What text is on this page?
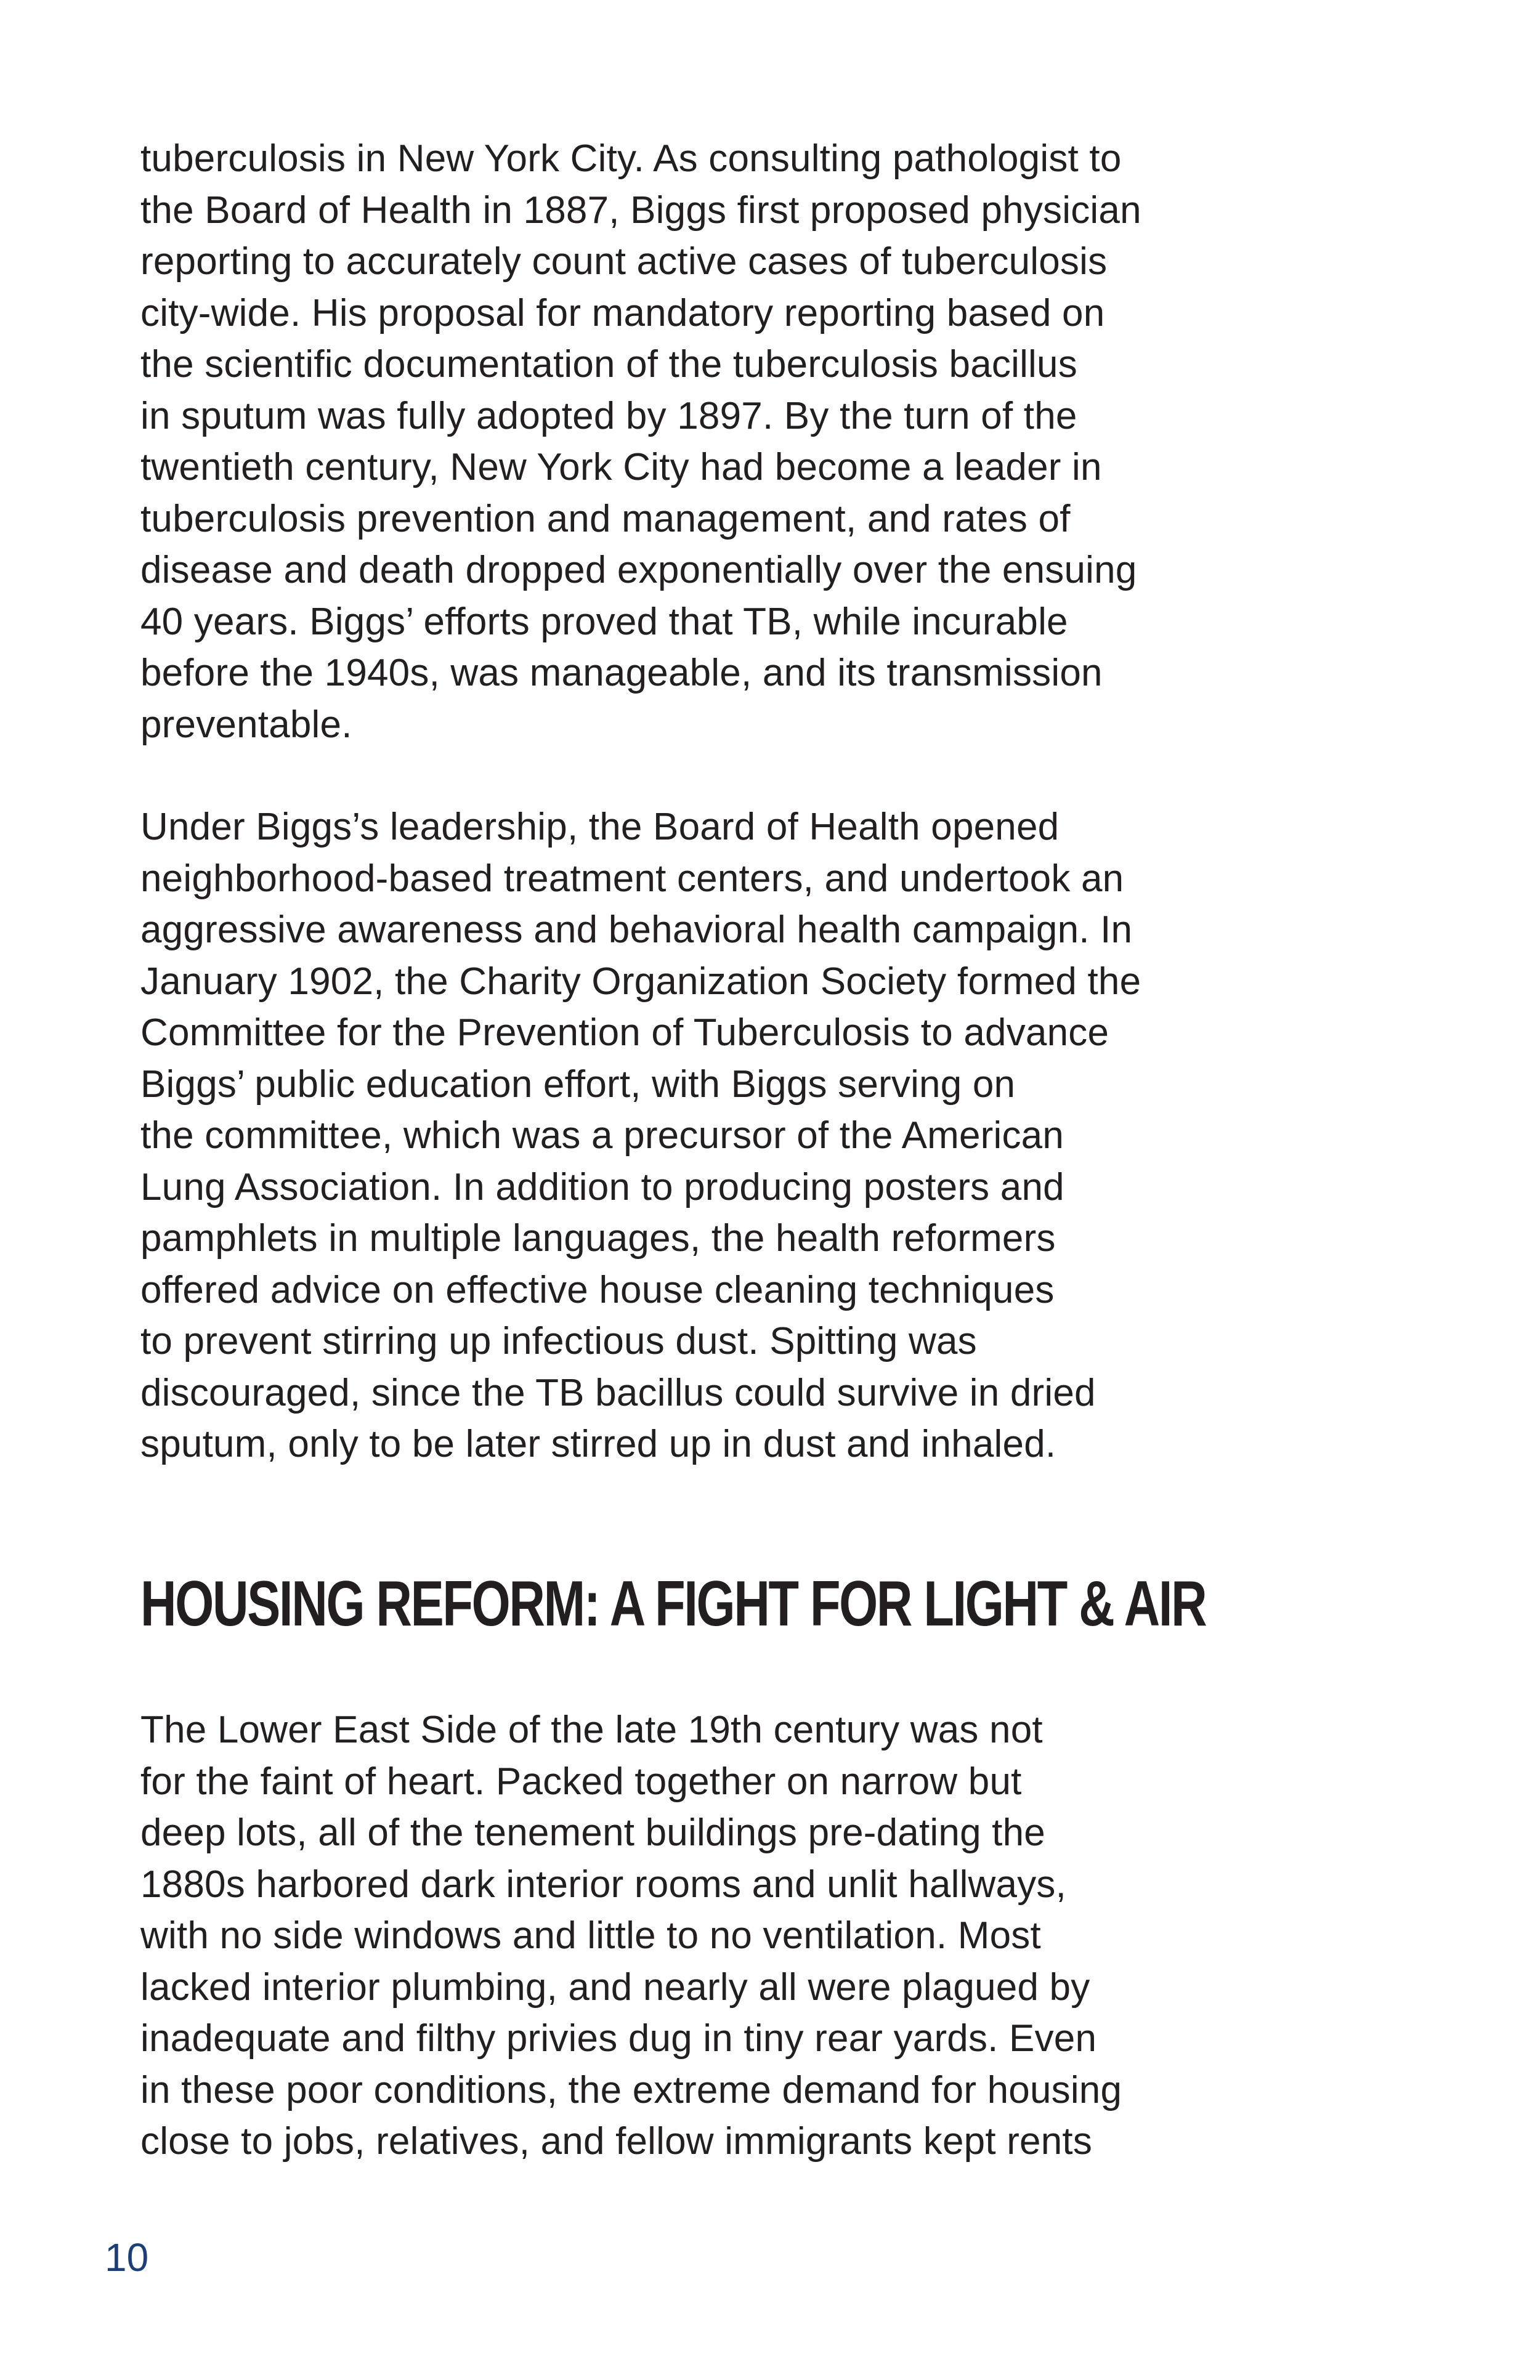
tuberculosis in New York City. As consulting pathologist to
the Board of Health in 1887, Biggs first proposed physician
reporting to accurately count active cases of tuberculosis
city-wide. His proposal for mandatory reporting based on
the scientific documentation of the tuberculosis bacillus
in sputum was fully adopted by 1897. By the turn of the
twentieth century, New York City had become a leader in
tuberculosis prevention and management, and rates of
disease and death dropped exponentially over the ensuing
40 years. Biggs’ efforts proved that TB, while incurable
before the 1940s, was manageable, and its transmission
preventable.
Under Biggs’s leadership, the Board of Health opened
neighborhood-based treatment centers, and undertook an
aggressive awareness and behavioral health campaign. In
January 1902, the Charity Organization Society formed the
Committee for the Prevention of Tuberculosis to advance
Biggs’ public education effort, with Biggs serving on
the committee, which was a precursor of the American
Lung Association. In addition to producing posters and
pamphlets in multiple languages, the health reformers
offered advice on effective house cleaning techniques
to prevent stirring up infectious dust. Spitting was
discouraged, since the TB bacillus could survive in dried
sputum, only to be later stirred up in dust and inhaled.
HOUSING REFORM: A FIGHT FOR LIGHT & AIR
The Lower East Side of the late 19th century was not
for the faint of heart. Packed together on narrow but
deep lots, all of the tenement buildings pre-dating the
1880s harbored dark interior rooms and unlit hallways,
with no side windows and little to no ventilation. Most
lacked interior plumbing, and nearly all were plagued by
inadequate and filthy privies dug in tiny rear yards. Even
in these poor conditions, the extreme demand for housing
close to jobs, relatives, and fellow immigrants kept rents
10
